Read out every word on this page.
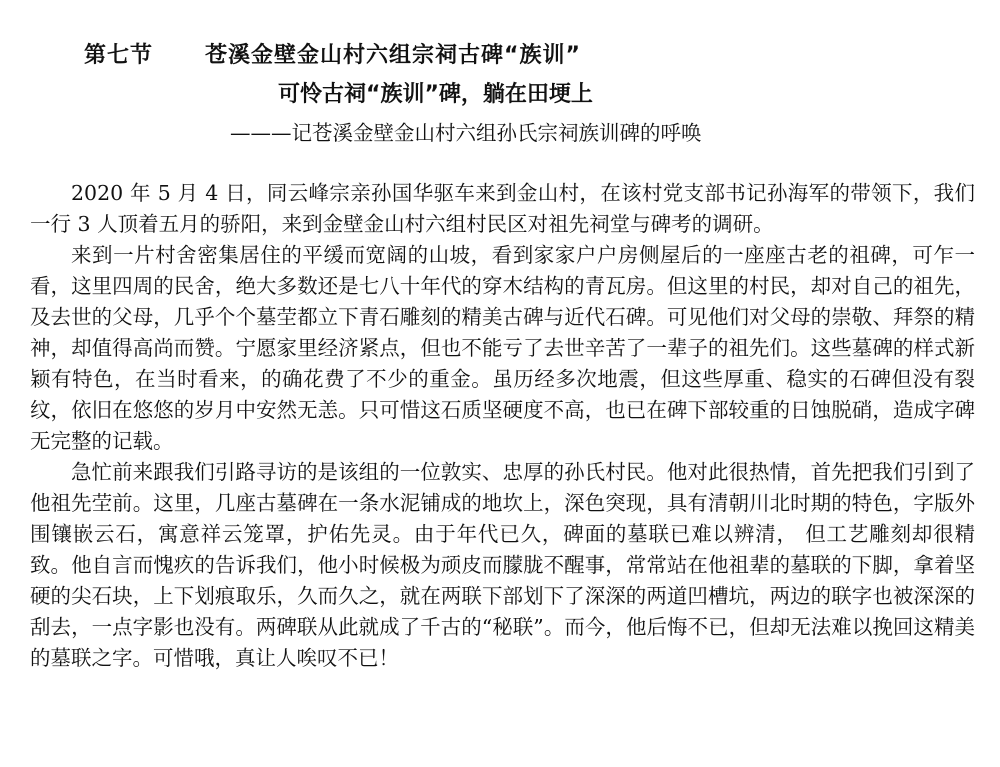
第七节 苍溪金壁金山村六组宗祠古碑“族训”
可怜古祠“族训”碑，躺在田埂上
———记苍溪金壁金山村六组孙氏宗祠族训碑的呼唤

2020 年 5 月 4 日，同云峰宗亲孙国华驱车来到金山村，在该村党支部书记孙海军的带领下，我们一行 3 人顶着五月的骄阳，来到金壁金山村六组村民区对祖先祠堂与碑考的调研。

来到一片村舍密集居住的平缓而宽阔的山坡，看到家家户户房侧屋后的一座座古老的祖碑，可乍一看，这里四周的民舍，绝大多数还是七八十年代的穿木结构的青瓦房。但这里的村民，却对自己的祖先，及去世的父母，几乎个个墓茔都立下青石雕刻的精美古碑与近代石碑。可见他们对父母的崇敬、拜祭的精神，却值得高尚而赞。宁愿家里经济紧点，但也不能亏了去世辛苦了一辈子的祖先们。这些墓碑的样式新颖有特色，在当时看来，的确花费了不少的重金。虽历经多次地震，但这些厚重、稳实的石碑但没有裂纹，依旧在悠悠的岁月中安然无恙。只可惜这石质坚硬度不高，也已在碑下部较重的日蚀脱硝，造成字碑无完整的记载。

急忙前来跟我们引路寻访的是该组的一位敦实、忠厚的孙氏村民。他对此很热情，首先把我们引到了他祖先茔前。这里，几座古墓碑在一条水泥铺成的地坎上，深色突现，具有清朝川北时期的特色，字版外围镶嵌云石，寓意祥云笼罩，护佑先灵。由于年代已久，碑面的墓联已难以辨清， 但工艺雕刻却很精致。他自言而愧疚的告诉我们，他小时候极为顽皮而朦胧不醒事，常常站在他祖辈的墓联的下脚，拿着坚硬的尖石块，上下划痕取乐，久而久之，就在两联下部划下了深深的两道凹槽坑，两边的联字也被深深的刮去，一点字影也没有。两碑联从此就成了千古的“秘联”。而今，他后悔不已，但却无法难以挽回这精美的墓联之字。可惜哦，真让人唉叹不已！
